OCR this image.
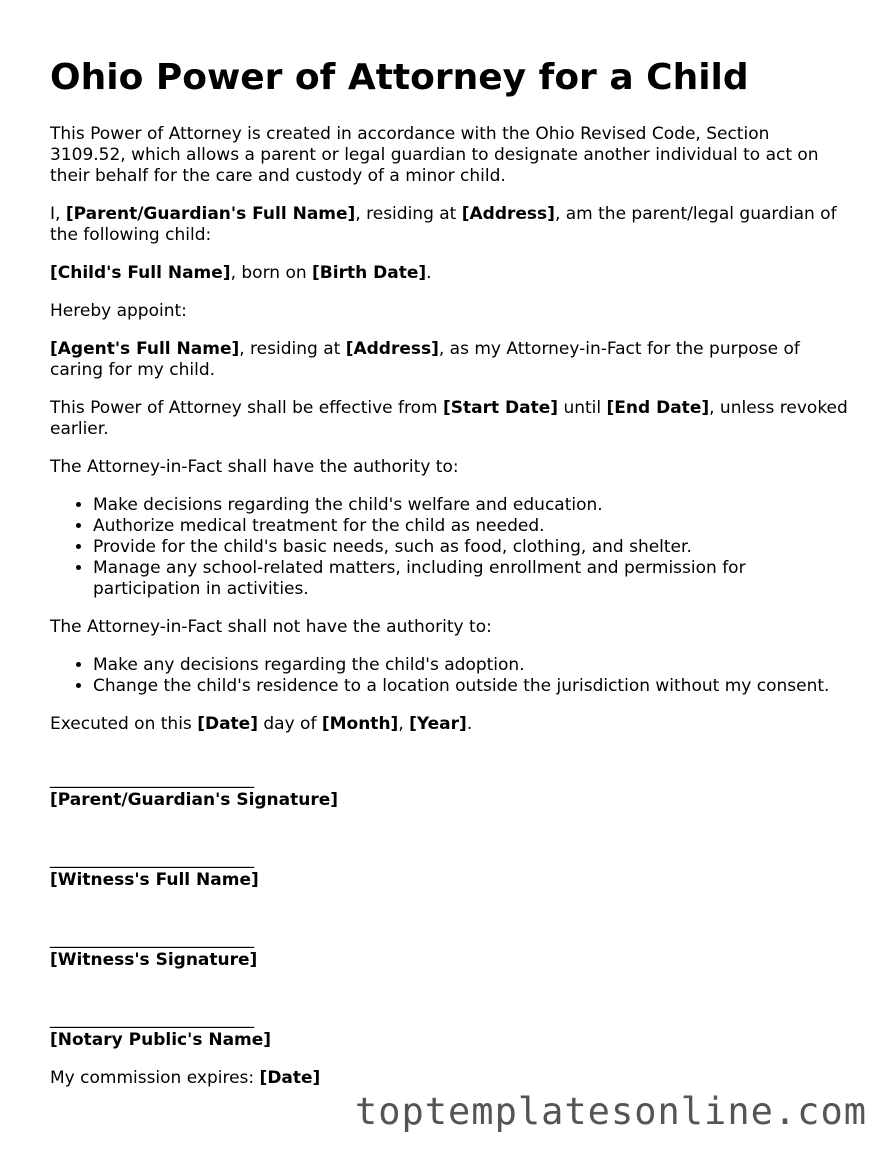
Ohio Power of Attorney for a Child

This Power of Attorney is created in accordance with the Ohio Revised Code, Section 3109.52, which allows a parent or legal guardian to designate another individual to act on their behalf for the care and custody of a minor child.

I, [Parent/Guardian's Full Name], residing at [Address], am the parent/legal guardian of the following child:

[Child's Full Name], born on [Birth Date].

Hereby appoint:

[Agent's Full Name], residing at [Address], as my Attorney-in-Fact for the purpose of caring for my child.

This Power of Attorney shall be effective from [Start Date] until [End Date], unless revoked earlier.

The Attorney-in-Fact shall have the authority to:

• Make decisions regarding the child's welfare and education.
• Authorize medical treatment for the child as needed.
• Provide for the child's basic needs, such as food, clothing, and shelter.
• Manage any school-related matters, including enrollment and permission for participation in activities.

The Attorney-in-Fact shall not have the authority to:

• Make any decisions regarding the child's adoption.
• Change the child's residence to a location outside the jurisdiction without my consent.

Executed on this [Date] day of [Month], [Year].

________________________
[Parent/Guardian's Signature]
________________________
[Witness's Full Name]
________________________
[Witness's Signature]
________________________
[Notary Public's Name]

My commission expires: [Date]

toptemplatesonline.com
